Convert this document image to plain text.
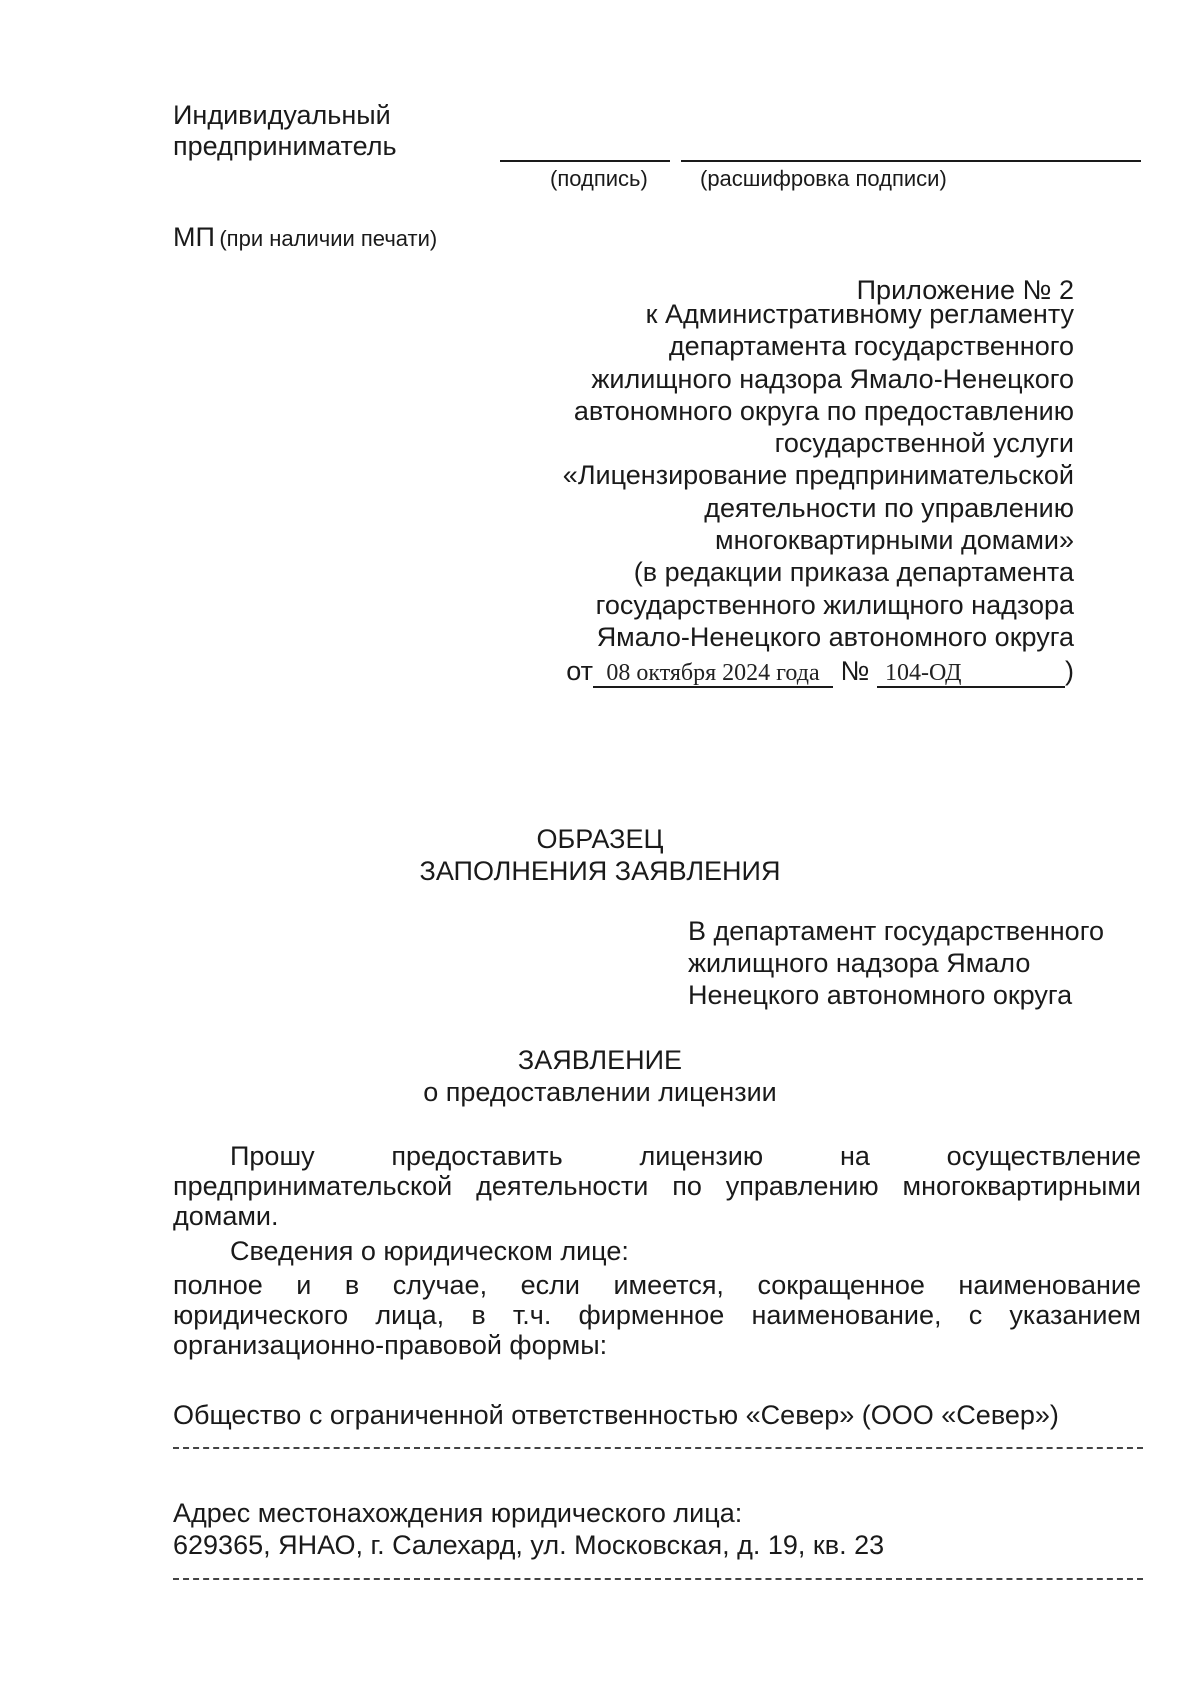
Индивидуальный
предприниматель
(подпись) (расшифровка подписи)
МП (при наличии печати)
Приложение № 2
к Административному регламенту
департамента государственного
жилищного надзора Ямало-Ненецкого
автономного округа по предоставлению
государственной услуги
«Лицензирование предпринимательской
деятельности по управлению
многоквартирными домами»
(в редакции приказа департамента
государственного жилищного надзора
Ямало-Ненецкого автономного округа
от 08 октября 2024 года № 104-ОД	)
ОБРАЗЕЦ
ЗАПОЛНЕНИЯ ЗАЯВЛЕНИЯ
В департамент государственного
жилищного надзора Ямало
Ненецкого автономного округа
ЗАЯВЛЕНИЕ
о предоставлении лицензии
Прошу предоставить лицензию на осуществление предпринимательской деятельности по управлению многоквартирными домами.
Сведения о юридическом лице:
полное и в случае, если имеется, сокращенное наименование юридического лица, в т.ч. фирменное наименование, с указанием организационно-правовой формы:
Общество с ограниченной ответственностью «Север» (ООО «Север»)
Адрес местонахождения юридического лица:
629365, ЯНАО, г. Салехард, ул. Московская, д. 19, кв. 23
